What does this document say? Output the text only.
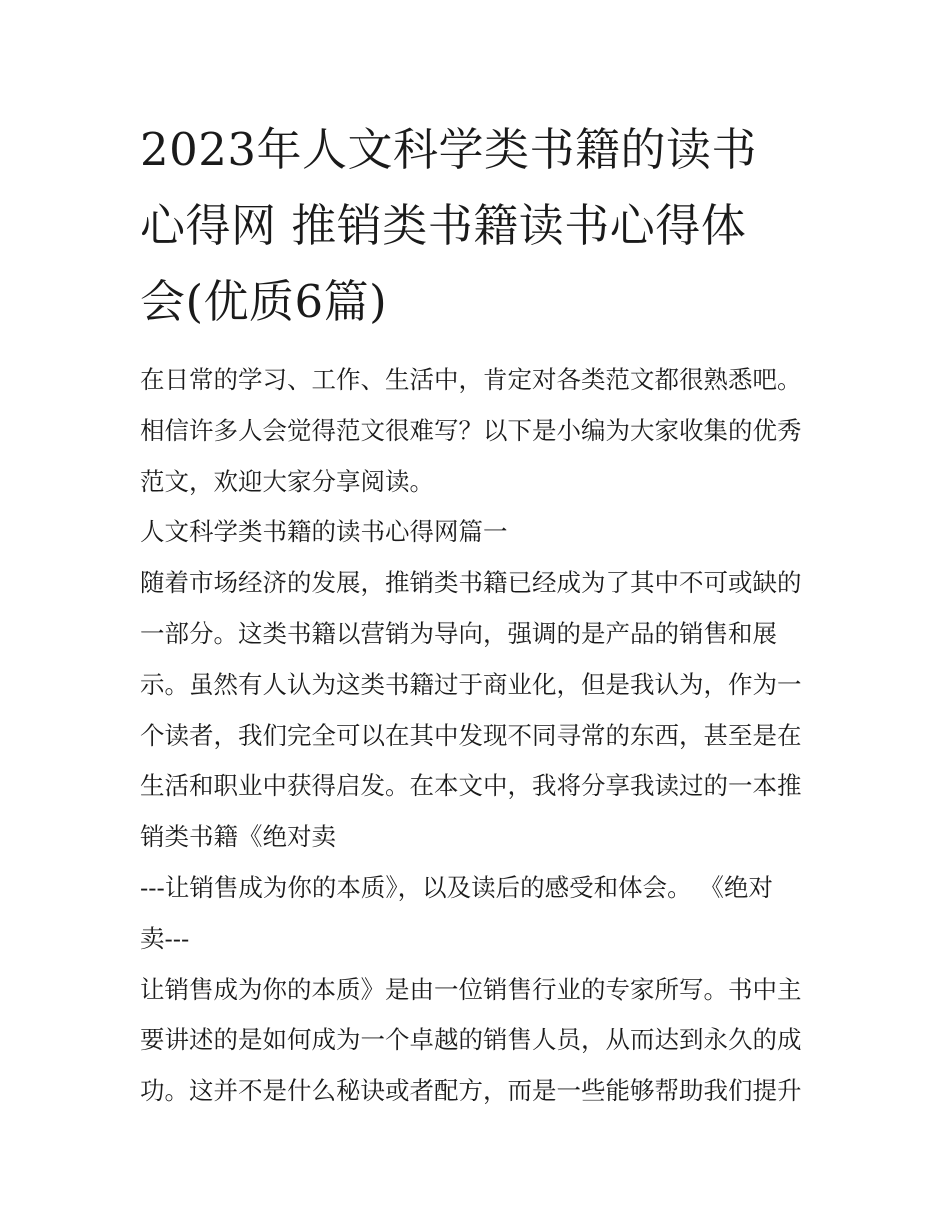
2023年人文科学类书籍的读书
心得网 推销类书籍读书心得体
会(优质6篇)
在日常的学习、工作、生活中，肯定对各类范文都很熟悉吧。
相信许多人会觉得范文很难写？以下是小编为大家收集的优秀
范文，欢迎大家分享阅读。
人文科学类书籍的读书心得网篇一
随着市场经济的发展，推销类书籍已经成为了其中不可或缺的
一部分。这类书籍以营销为导向，强调的是产品的销售和展
示。虽然有人认为这类书籍过于商业化，但是我认为，作为一
个读者，我们完全可以在其中发现不同寻常的东西，甚至是在
生活和职业中获得启发。在本文中，我将分享我读过的一本推
销类书籍《绝对卖
---让销售成为你的本质》，以及读后的感受和体会。 《绝对
卖---
让销售成为你的本质》是由一位销售行业的专家所写。书中主
要讲述的是如何成为一个卓越的销售人员，从而达到永久的成
功。这并不是什么秘诀或者配方，而是一些能够帮助我们提升
